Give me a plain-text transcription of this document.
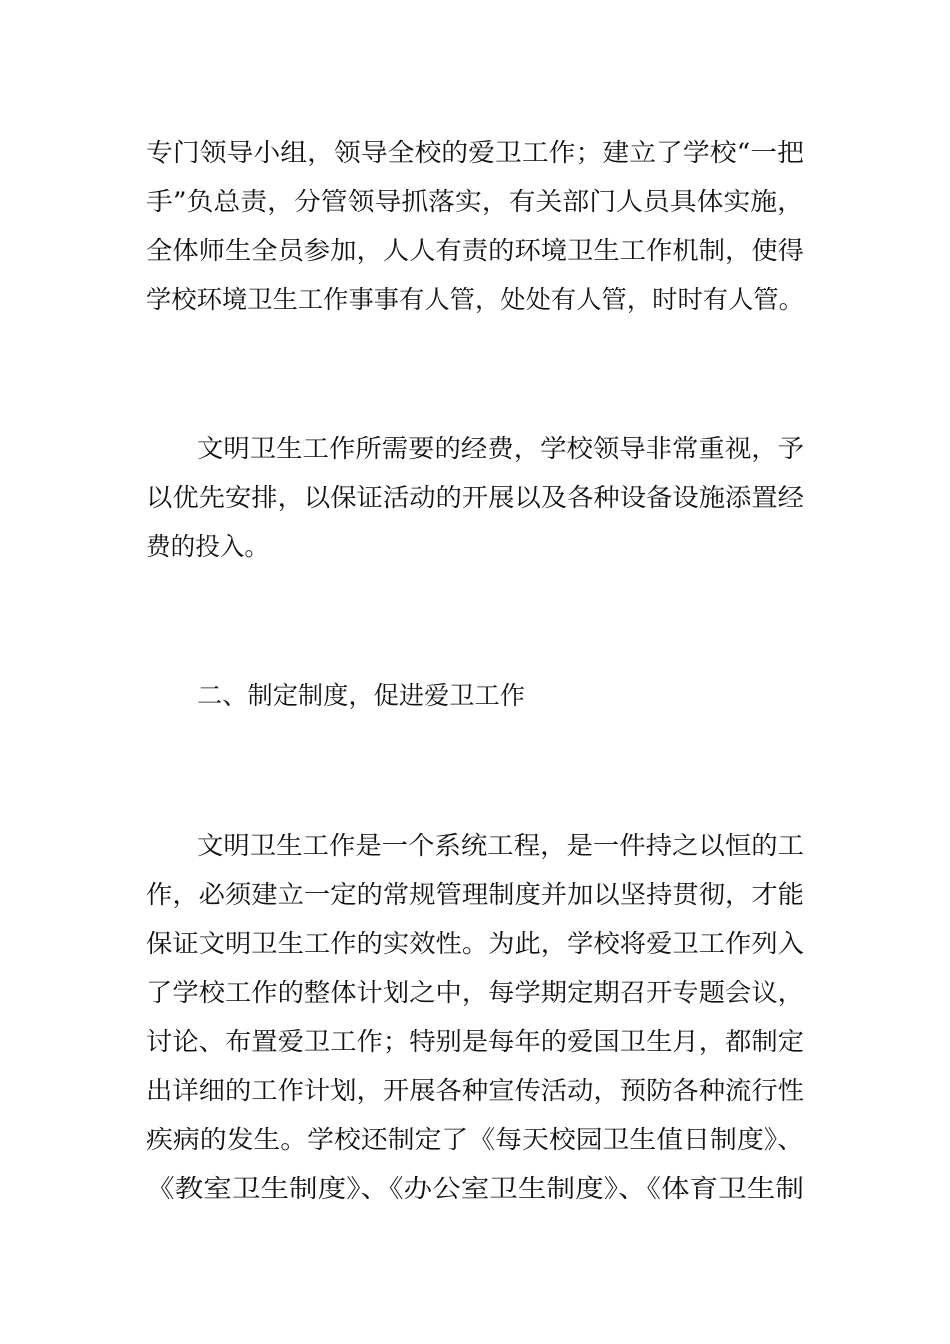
专门领导小组，领导全校的爱卫工作；建立了学校“一把
手”负总责，分管领导抓落实，有关部门人员具体实施，
全体师生全员参加，人人有责的环境卫生工作机制，使得
学校环境卫生工作事事有人管，处处有人管，时时有人管。
文明卫生工作所需要的经费，学校领导非常重视，予
以优先安排，以保证活动的开展以及各种设备设施添置经
费的投入。
二、制定制度，促进爱卫工作
文明卫生工作是一个系统工程，是一件持之以恒的工
作，必须建立一定的常规管理制度并加以坚持贯彻，才能
保证文明卫生工作的实效性。为此，学校将爱卫工作列入
了学校工作的整体计划之中，每学期定期召开专题会议，
讨论、布置爱卫工作；特别是每年的爱国卫生月，都制定
出详细的工作计划，开展各种宣传活动，预防各种流行性
疾病的发生。学校还制定了《每天校园卫生值日制度》、
《教室卫生制度》、《办公室卫生制度》、《体育卫生制
